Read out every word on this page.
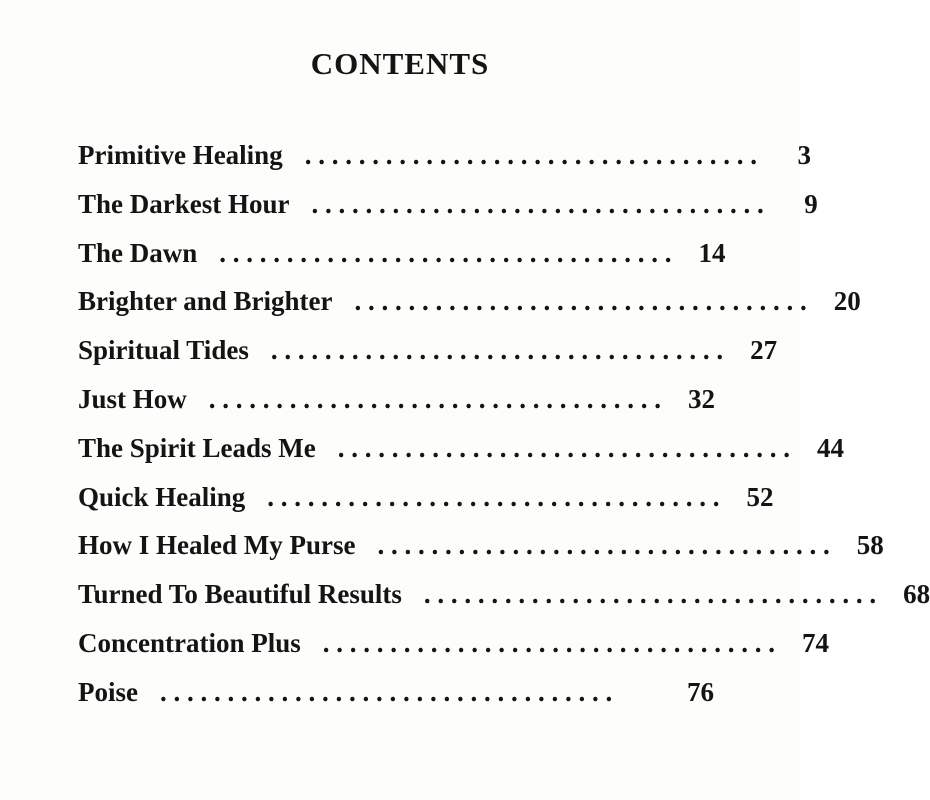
CONTENTS
Primitive Healing . . . . . . . . . . . . . . . . . . . . . . . . . . . . . . . . . .	3
The Darkest Hour . . . . . . . . . . . . . . . . . . . . . . . . . . . . . . . . . .	9
The Dawn . . . . . . . . . . . . . . . . . . . . . . . . . . . . . . . . . .	14
Brighter and Brighter . . . . . . . . . . . . . . . . . . . . . . . . . . . . . . . . . .	20
Spiritual Tides . . . . . . . . . . . . . . . . . . . . . . . . . . . . . . . . . .	27
Just How . . . . . . . . . . . . . . . . . . . . . . . . . . . . . . . . . .	32
The Spirit Leads Me . . . . . . . . . . . . . . . . . . . . . . . . . . . . . . . . . .	44
Quick Healing . . . . . . . . . . . . . . . . . . . . . . . . . . . . . . . . . .	52
How I Healed My Purse . . . . . . . . . . . . . . . . . . . . . . . . . . . . . . . . . .	58
Turned To Beautiful Results . . . . . . . . . . . . . . . . . . . . . . . . . . . . . . . . . .	68
Concentration Plus . . . . . . . . . . . . . . . . . . . . . . . . . . . . . . . . . .	74
Poise . . . . . . . . . . . . . . . . . . . . . . . . . . . . . . . . . .	76
